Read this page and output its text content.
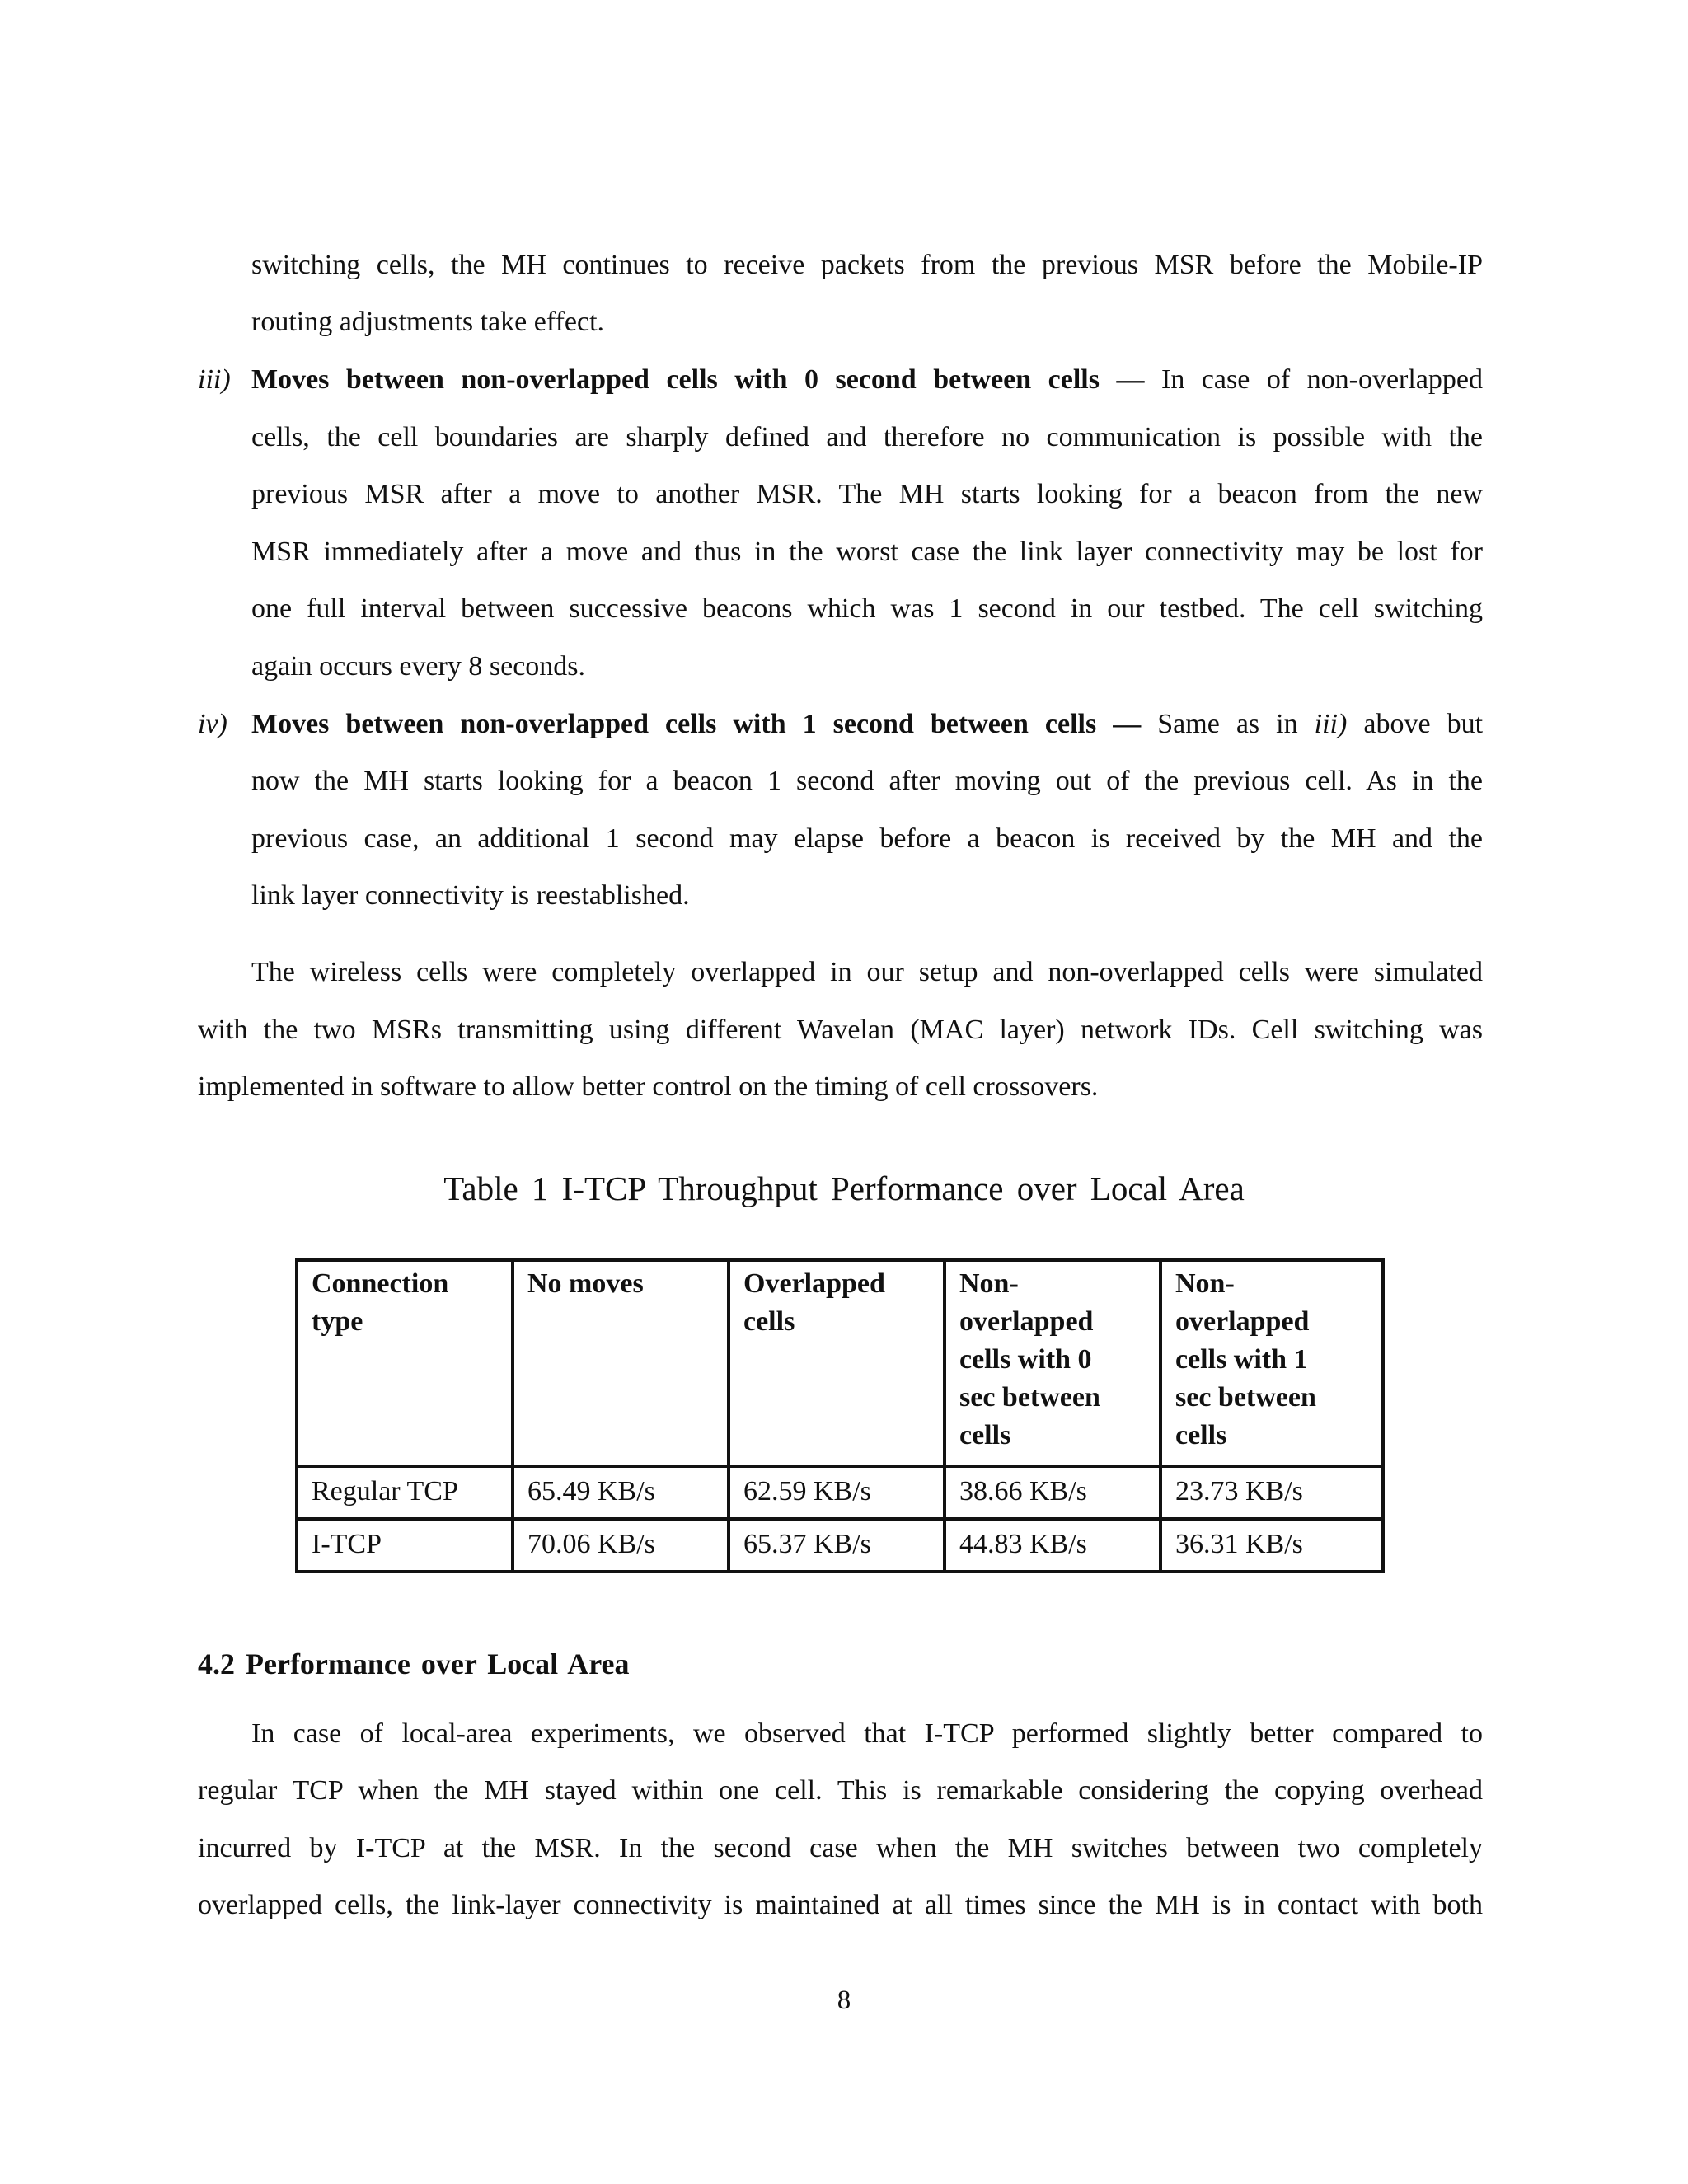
switching cells, the MH continues to receive packets from the previous MSR before the Mobile-IP
routing adjustments take effect.
iii) Moves between non-overlapped cells with 0 second between cells — In case of non-overlapped
cells, the cell boundaries are sharply defined and therefore no communication is possible with the
previous MSR after a move to another MSR. The MH starts looking for a beacon from the new
MSR immediately after a move and thus in the worst case the link layer connectivity may be lost for
one full interval between successive beacons which was 1 second in our testbed. The cell switching
again occurs every 8 seconds.
iv) Moves between non-overlapped cells with 1 second between cells — Same as in iii) above but
now the MH starts looking for a beacon 1 second after moving out of the previous cell. As in the
previous case, an additional 1 second may elapse before a beacon is received by the MH and the
link layer connectivity is reestablished.
The wireless cells were completely overlapped in our setup and non-overlapped cells were simulated
with the two MSRs transmitting using different Wavelan (MAC layer) network IDs. Cell switching was
implemented in software to allow better control on the timing of cell crossovers.
Table 1 I-TCP Throughput Performance over Local Area
Connection
type	No moves	Overlapped
cells	Non-
overlapped
cells with 0
sec between
cells	Non-
overlapped
cells with 1
sec between
cells
Regular TCP	65.49 KB/s	62.59 KB/s	38.66 KB/s	23.73 KB/s
I-TCP	70.06 KB/s	65.37 KB/s	44.83 KB/s	36.31 KB/s
4.2 Performance over Local Area
In case of local-area experiments, we observed that I-TCP performed slightly better compared to
regular TCP when the MH stayed within one cell. This is remarkable considering the copying overhead
incurred by I-TCP at the MSR. In the second case when the MH switches between two completely
overlapped cells, the link-layer connectivity is maintained at all times since the MH is in contact with both
8
